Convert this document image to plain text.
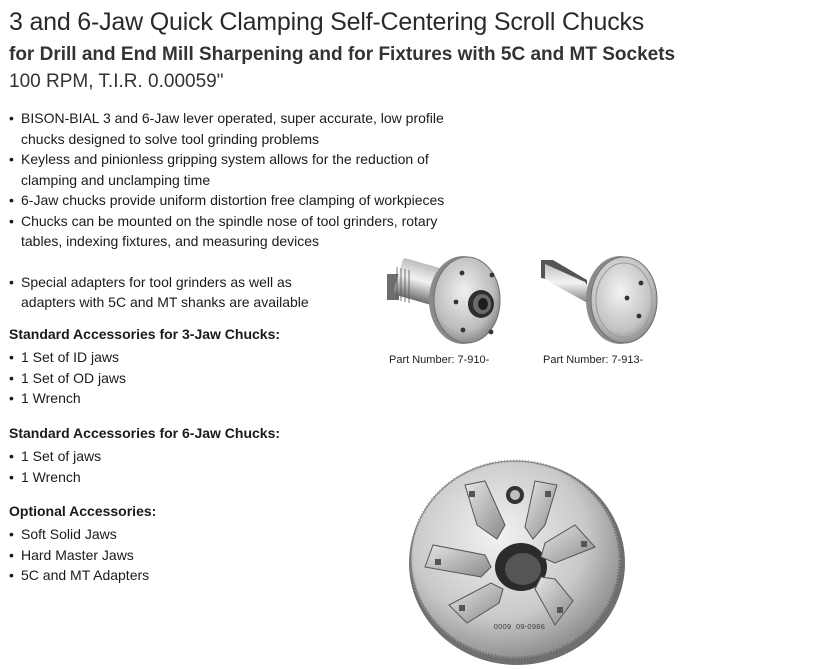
3 and 6-Jaw Quick Clamping Self-Centering Scroll Chucks
for Drill and End Mill Sharpening and for Fixtures with 5C and MT Sockets
100 RPM, T.I.R. 0.00059"
• BISON-BIAL 3 and 6-Jaw lever operated, super accurate, low profile chucks designed to solve tool grinding problems
• Keyless and pinionless gripping system allows for the reduction of clamping and unclamping time
• 6-Jaw chucks provide uniform distortion free clamping of workpieces
• Chucks can be mounted on the spindle nose of tool grinders, rotary tables, indexing fixtures, and measuring devices
• Special adapters for tool grinders as well as adapters with 5C and MT shanks are available
Standard Accessories for 3-Jaw Chucks:
• 1 Set of ID jaws
• 1 Set of OD jaws
• 1 Wrench
Standard Accessories for 6-Jaw Chucks:
• 1 Set of jaws
• 1 Wrench
Optional Accessories:
• Soft Solid Jaws
• Hard Master Jaws
• 5C and MT Adapters
Part Number: 7-910-	Part Number: 7-913-
9860-60  6000
